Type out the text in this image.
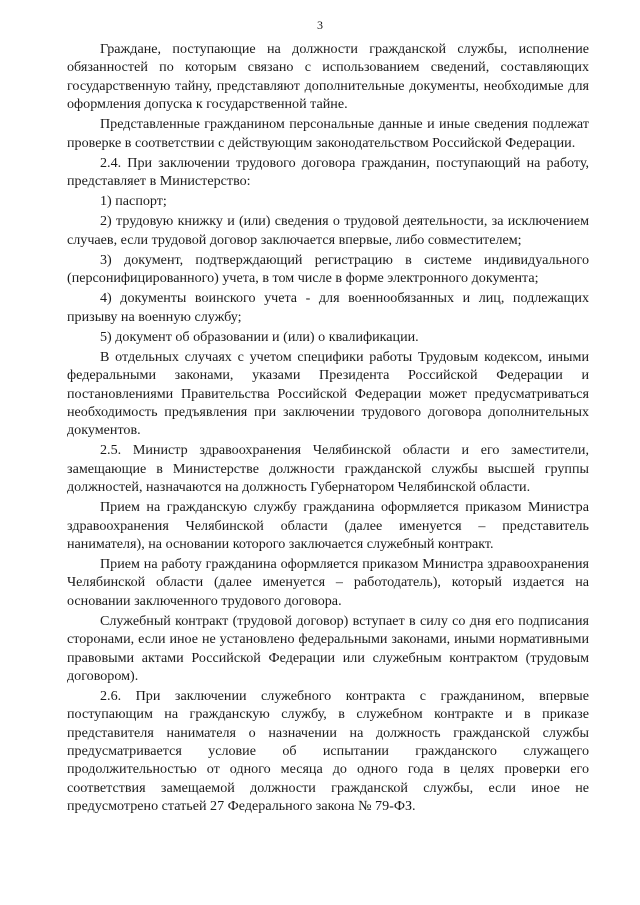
3

Граждане, поступающие на должности гражданской службы, исполнение обязанностей по которым связано с использованием сведений, составляющих государственную тайну, представляют дополнительные документы, необходимые для оформления допуска к государственной тайне.

Представленные гражданином персональные данные и иные сведения подлежат проверке в соответствии с действующим законодательством Российской Федерации.

2.4. При заключении трудового договора гражданин, поступающий на работу, представляет в Министерство:

1) паспорт;

2) трудовую книжку и (или) сведения о трудовой деятельности, за исключением случаев, если трудовой договор заключается впервые, либо совместителем;

3) документ, подтверждающий регистрацию в системе индивидуального (персонифицированного) учета, в том числе в форме электронного документа;

4) документы воинского учета - для военнообязанных и лиц, подлежащих призыву на военную службу;

5) документ об образовании и (или) о квалификации.

В отдельных случаях с учетом специфики работы Трудовым кодексом, иными федеральными законами, указами Президента Российской Федерации и постановлениями Правительства Российской Федерации может предусматриваться необходимость предъявления при заключении трудового договора дополнительных документов.

2.5. Министр здравоохранения Челябинской области и его заместители, замещающие в Министерстве должности гражданской службы высшей группы должностей, назначаются на должность Губернатором Челябинской области.

Прием на гражданскую службу гражданина оформляется приказом Министра здравоохранения Челябинской области (далее именуется – представитель нанимателя), на основании которого заключается служебный контракт.

Прием на работу гражданина оформляется приказом Министра здравоохранения Челябинской области (далее именуется – работодатель), который издается на основании заключенного трудового договора.

Служебный контракт (трудовой договор) вступает в силу со дня его подписания сторонами, если иное не установлено федеральными законами, иными нормативными правовыми актами Российской Федерации или служебным контрактом (трудовым договором).

2.6. При заключении служебного контракта с гражданином, впервые поступающим на гражданскую службу, в служебном контракте и в приказе представителя нанимателя о назначении на должность гражданской службы предусматривается условие об испытании гражданского служащего продолжительностью от одного месяца до одного года в целях проверки его соответствия замещаемой должности гражданской службы, если иное не предусмотрено статьей 27 Федерального закона № 79-ФЗ.
